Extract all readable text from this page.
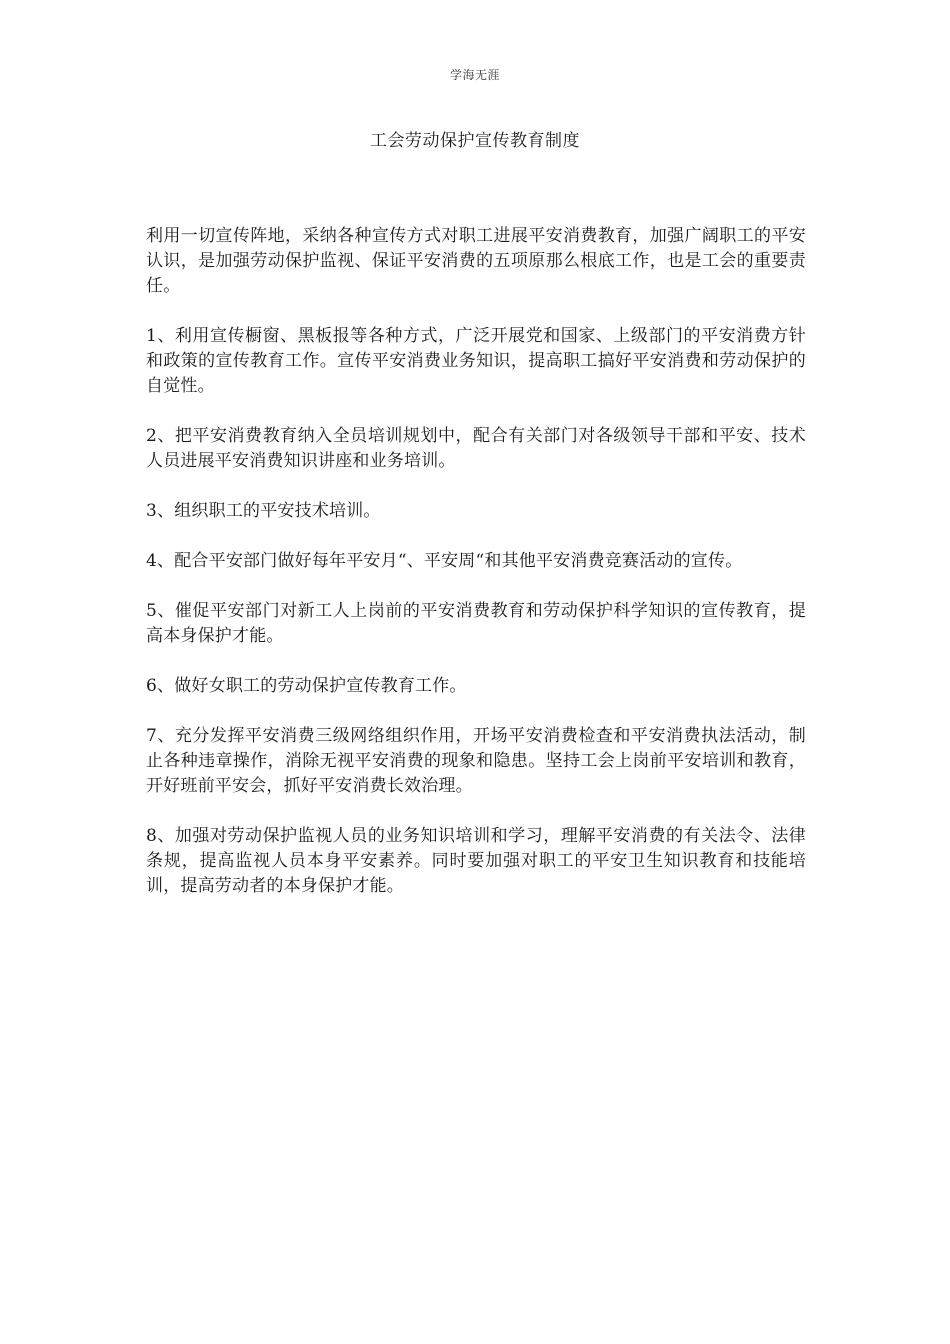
学海无涯
工会劳动保护宣传教育制度

利用一切宣传阵地，采纳各种宣传方式对职工进展平安消费教育，加强广阔职工的平安认识，是加强劳动保护监视、保证平安消费的五项原那么根底工作，也是工会的重要责任。

1、利用宣传橱窗、黑板报等各种方式，广泛开展党和国家、上级部门的平安消费方针和政策的宣传教育工作。宣传平安消费业务知识，提高职工搞好平安消费和劳动保护的自觉性。

2、把平安消费教育纳入全员培训规划中，配合有关部门对各级领导干部和平安、技术人员进展平安消费知识讲座和业务培训。

3、组织职工的平安技术培训。

4、配合平安部门做好每年平安月“、平安周“和其他平安消费竞赛活动的宣传。

5、催促平安部门对新工人上岗前的平安消费教育和劳动保护科学知识的宣传教育，提高本身保护才能。

6、做好女职工的劳动保护宣传教育工作。

7、充分发挥平安消费三级网络组织作用，开场平安消费检查和平安消费执法活动，制止各种违章操作，消除无视平安消费的现象和隐患。坚持工会上岗前平安培训和教育，开好班前平安会，抓好平安消费长效治理。

8、加强对劳动保护监视人员的业务知识培训和学习，理解平安消费的有关法令、法律条规，提高监视人员本身平安素养。同时要加强对职工的平安卫生知识教育和技能培训，提高劳动者的本身保护才能。
